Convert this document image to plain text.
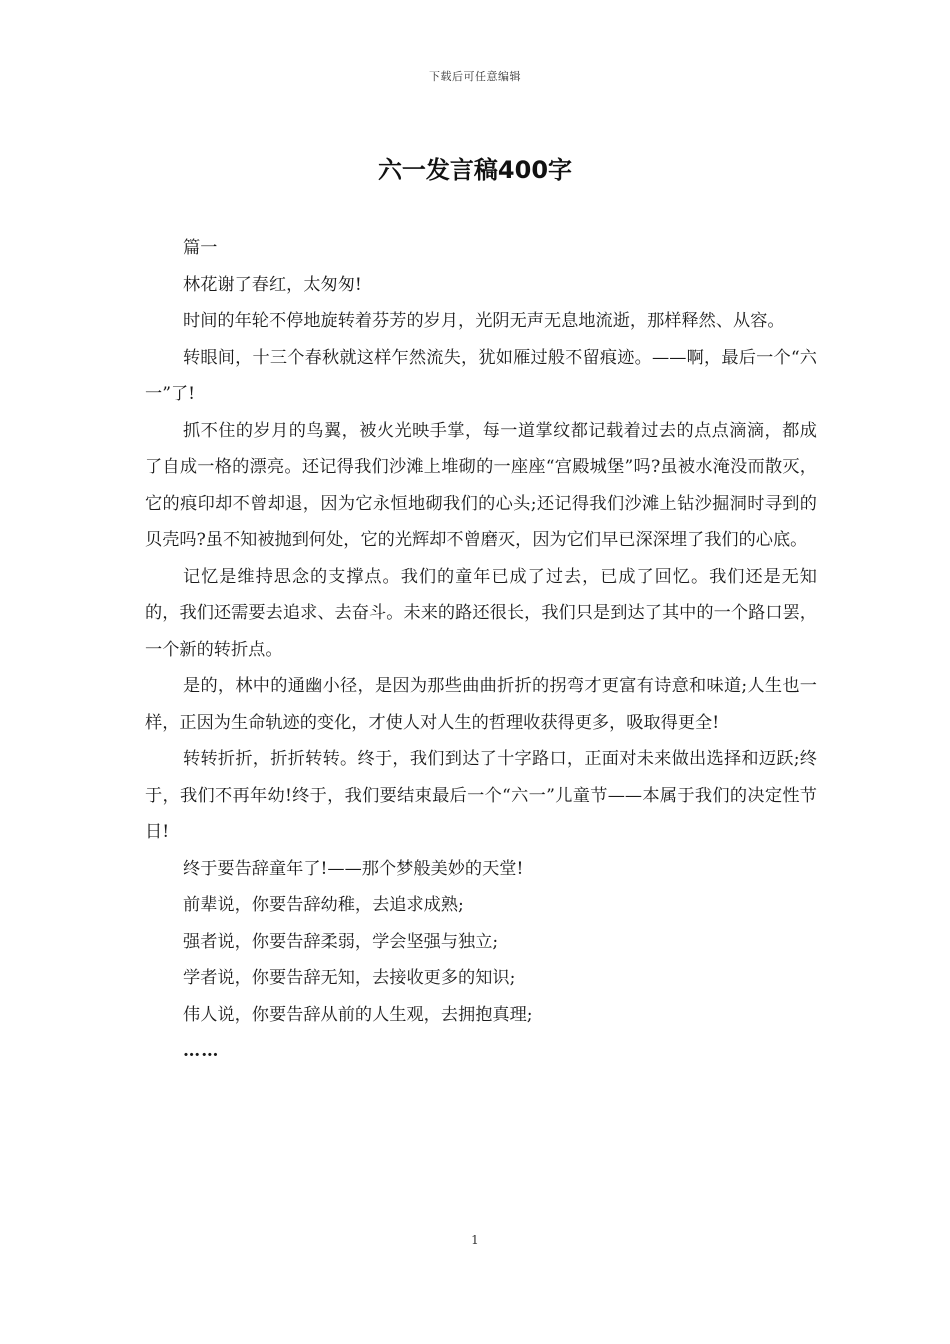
下载后可任意编辑
六一发言稿400字

篇一

林花谢了春红，太匆匆!

时间的年轮不停地旋转着芬芳的岁月，光阴无声无息地流逝，那样释然、从容。

转眼间，十三个春秋就这样乍然流失，犹如雁过般不留痕迹。——啊，最后一个“六一”了!

抓不住的岁月的鸟翼，被火光映手掌，每一道掌纹都记载着过去的点点滴滴，都成了自成一格的漂亮。还记得我们沙滩上堆砌的一座座“宫殿城堡”吗?虽被水淹没而散灭，它的痕印却不曾却退，因为它永恒地砌我们的心头;还记得我们沙滩上钻沙掘洞时寻到的贝壳吗?虽不知被抛到何处，它的光辉却不曾磨灭，因为它们早已深深埋了我们的心底。

记忆是维持思念的支撑点。我们的童年已成了过去，已成了回忆。我们还是无知的，我们还需要去追求、去奋斗。未来的路还很长，我们只是到达了其中的一个路口罢，一个新的转折点。

是的，林中的通幽小径，是因为那些曲曲折折的拐弯才更富有诗意和味道;人生也一样，正因为生命轨迹的变化，才使人对人生的哲理收获得更多，吸取得更全!

转转折折，折折转转。终于，我们到达了十字路口，正面对未来做出选择和迈跃;终于，我们不再年幼!终于，我们要结束最后一个“六一”儿童节——本属于我们的决定性节日!

终于要告辞童年了!——那个梦般美妙的天堂!

前辈说，你要告辞幼稚，去追求成熟;

强者说，你要告辞柔弱，学会坚强与独立;

学者说，你要告辞无知，去接收更多的知识;

伟人说，你要告辞从前的人生观，去拥抱真理;

……

1
